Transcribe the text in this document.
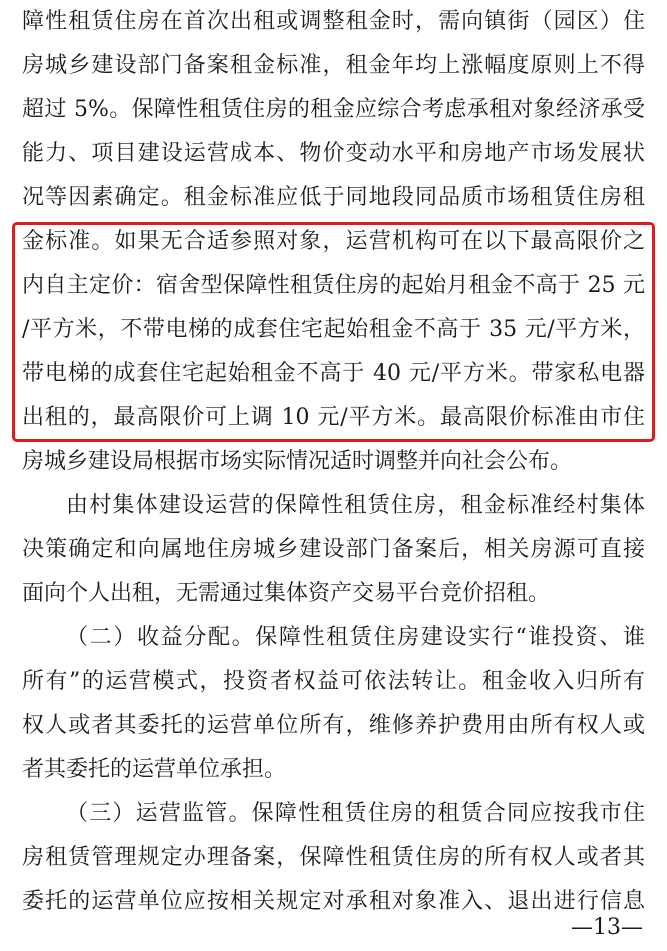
障性租赁住房在首次出租或调整租金时，需向镇街（园区）住
房城乡建设部门备案租金标准，租金年均上涨幅度原则上不得
超过 5%。保障性租赁住房的租金应综合考虑承租对象经济承受
能力、项目建设运营成本、物价变动水平和房地产市场发展状
况等因素确定。租金标准应低于同地段同品质市场租赁住房租
金标准。如果无合适参照对象，运营机构可在以下最高限价之
内自主定价：宿舍型保障性租赁住房的起始月租金不高于 25 元
/平方米，不带电梯的成套住宅起始租金不高于 35 元/平方米，
带电梯的成套住宅起始租金不高于 40 元/平方米。带家私电器
出租的，最高限价可上调 10 元/平方米。最高限价标准由市住
房城乡建设局根据市场实际情况适时调整并向社会公布。
由村集体建设运营的保障性租赁住房，租金标准经村集体
决策确定和向属地住房城乡建设部门备案后，相关房源可直接
面向个人出租，无需通过集体资产交易平台竞价招租。
（二）收益分配。保障性租赁住房建设实行“谁投资、谁
所有”的运营模式，投资者权益可依法转让。租金收入归所有
权人或者其委托的运营单位所有，维修养护费用由所有权人或
者其委托的运营单位承担。
（三）运营监管。保障性租赁住房的租赁合同应按我市住
房租赁管理规定办理备案，保障性租赁住房的所有权人或者其
委托的运营单位应按相关规定对承租对象准入、退出进行信息
—13—
